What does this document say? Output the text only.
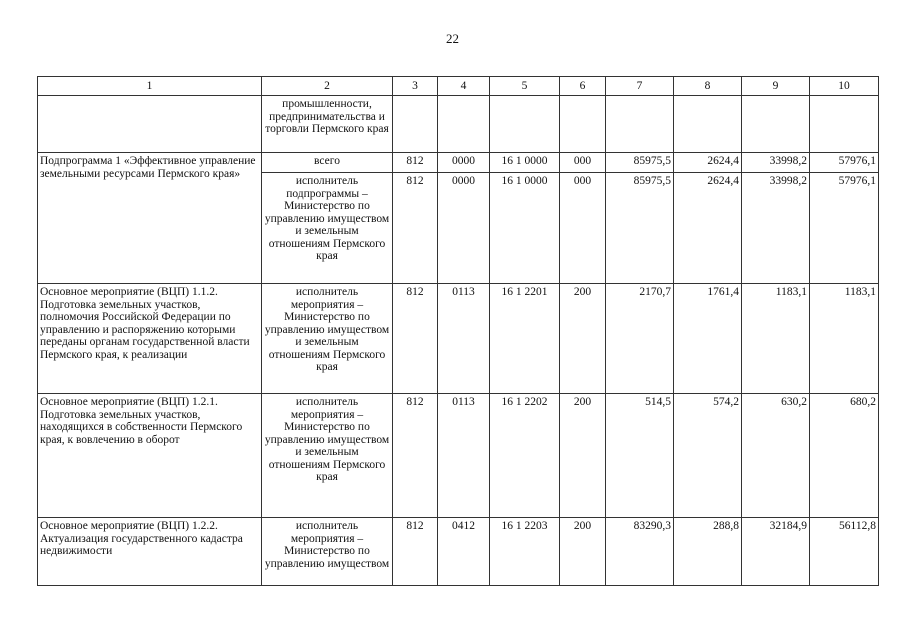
22
1	2	3	4	5	6	7	8	9	10
	промышленности, предпринимательства и торговли Пермского края								
Подпрограмма 1 «Эффективное управление земельными ресурсами Пермского края»	всего	812	0000	16 1 0000	000	85975,5	2624,4	33998,2	57976,1
	исполнитель подпрограммы – Министерство по управлению имуществом и земельным отношениям Пермского края	812	0000	16 1 0000	000	85975,5	2624,4	33998,2	57976,1
Основное мероприятие (ВЦП) 1.1.2. Подготовка земельных участков, полномочия Российской Федерации по управлению и распоряжению которыми переданы органам государственной власти Пермского края, к реализации	исполнитель мероприятия – Министерство по управлению имуществом и земельным отношениям Пермского края	812	0113	16 1 2201	200	2170,7	1761,4	1183,1	1183,1
Основное мероприятие (ВЦП) 1.2.1. Подготовка земельных участков, находящихся в собственности Пермского края, к вовлечению в оборот	исполнитель мероприятия – Министерство по управлению имуществом и земельным отношениям Пермского края	812	0113	16 1 2202	200	514,5	574,2	630,2	680,2
Основное мероприятие (ВЦП) 1.2.2. Актуализация государственного кадастра недвижимости	исполнитель мероприятия – Министерство по управлению имуществом	812	0412	16 1 2203	200	83290,3	288,8	32184,9	56112,8
